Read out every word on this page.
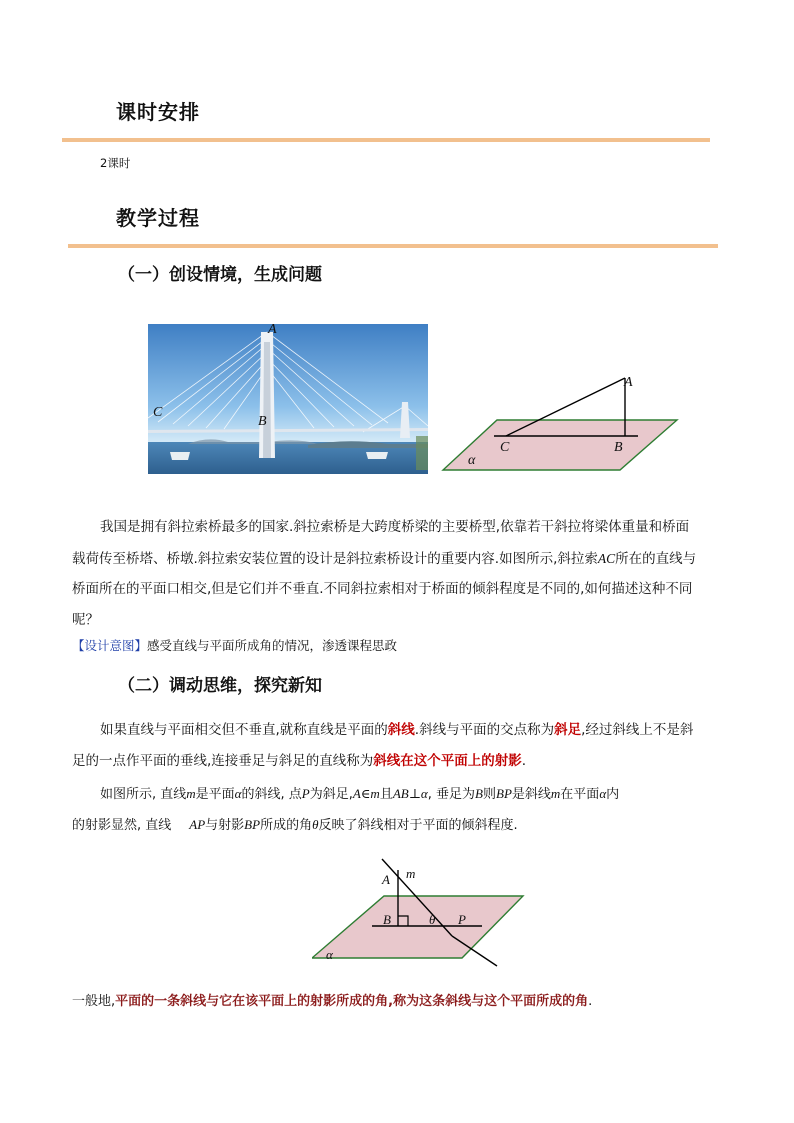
课时安排
2课时
教学过程
（一）创设情境，生成问题
A
B
C
A
B
C
α
我国是拥有斜拉索桥最多的国家.斜拉索桥是大跨度桥梁的主要桥型,依靠若干斜拉将梁体重量和桥面
载荷传至桥塔、桥墩.斜拉索安装位置的设计是斜拉索桥设计的重要内容.如图所示,斜拉索AC所在的直线与
桥面所在的平面口相交,但是它们并不垂直.不同斜拉索相对于桥面的倾斜程度是不同的,如何描述这种不同
呢？
【设计意图】感受直线与平面所成角的情况，渗透课程思政
（二）调动思维，探究新知
如果直线与平面相交但不垂直,就称直线是平面的斜线.斜线与平面的交点称为斜足,经过斜线上不是斜
足的一点作平面的垂线,连接垂足与斜足的直线称为斜线在这个平面上的射影.
如图所示, 直线m是平面α的斜线, 点P为斜足,A∈m且AB⊥α, 垂足为B则BP是斜线m在平面α内
的射影显然, 直线 AP与射影BP所成的角θ反映了斜线相对于平面的倾斜程度.
A m
B	θ P
α
一般地,平面的一条斜线与它在该平面上的射影所成的角,称为这条斜线与这个平面所成的角.
